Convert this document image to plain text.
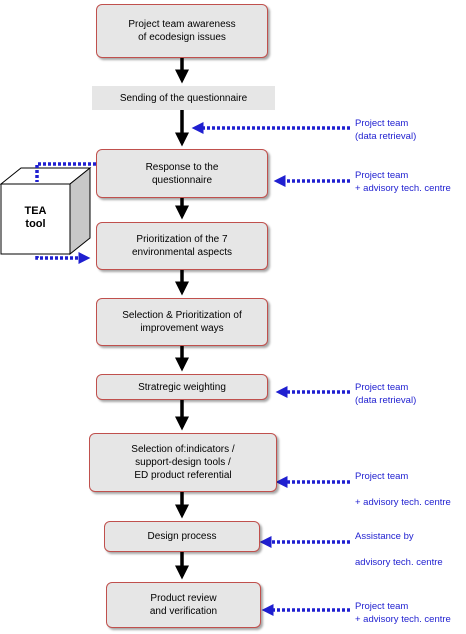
Project team awareness
of ecodesign issues
Sending of the questionnaire
Response to the
questionnaire
Prioritization of the 7
environmental aspects
Selection & Prioritization of
improvement ways
Stratregic weighting
Selection of:indicators /
support-design tools /
ED product referential
Design process
Product review
and verification
TEA
tool
Project team
(data retrieval)
Project team
+ advisory tech. centre
Project team
(data retrieval)
Project team

+ advisory tech. centre
Assistance by

advisory tech. centre
Project team
+ advisory tech. centre
